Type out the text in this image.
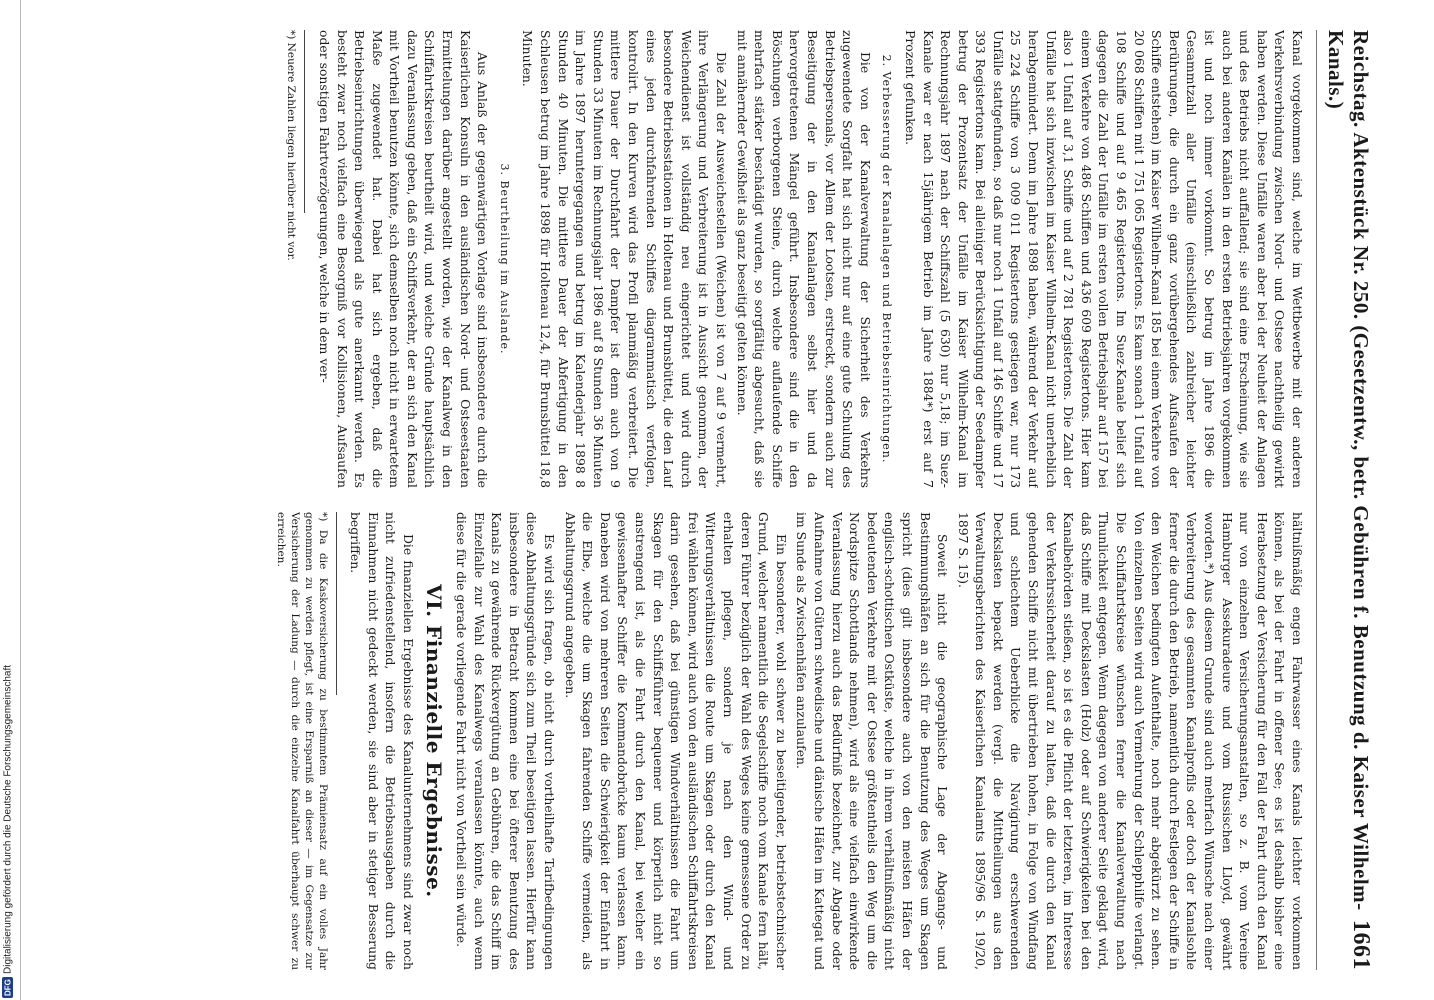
Reichstag. Aktenstück Nr. 250. (Gesetzentw., betr. Gebühren f. Benutzung d. Kaiser Wilhelm-Kanals.)
1661

Kanal vorgekommen sind, welche im Wettbewerbe mit der anderen Verkehrsverbindung zwischen Nord- und Ostsee nachtheilig gewirkt haben werden. Diese Unfälle waren aber bei der Neuheit der Anlagen und des Betriebs nicht auffallend; sie sind eine Erscheinung, wie sie auch bei anderen Kanälen in den ersten Betriebsjahren vorgekommen ist und noch immer vorkommt. So betrug im Jahre 1896 die Gesammtzahl aller Unfälle (einschließlich zahlreicher leichter Berührungen, die durch ein ganz vorübergehendes Aufsaufen der Schiffe entstehen) im Kaiser Wilhelm-Kanal 185 bei einem Verkehre von 20 068 Schiffen mit 1 751 065 Registertons. Es kam sonach 1 Unfall auf 108 Schiffe und auf 9 465 Registertons. Im Suez-Kanale belief sich dagegen die Zahl der Unfälle im ersten vollen Betriebsjahr auf 157 bei einem Verkehre von 486 Schiffen und 436 609 Registertons. Hier kam also 1 Unfall auf 3,1 Schiffe und auf 2 781 Registertons. Die Zahl der Unfälle hat sich inzwischen im Kaiser Wilhelm-Kanal nicht unerheblich herabgemindert. Denn im Jahre 1898 haben, während der Verkehr auf 25 224 Schiffe von 3 009 011 Registertons gestiegen war, nur 173 Unfälle stattgefunden, so daß nur noch 1 Unfall auf 146 Schiffe und 17 393 Registertons kam. Bei alleiniger Berücksichtigung der Seedampfer betrug der Prozentsatz der Unfälle im Kaiser Wilhelm-Kanal im Rechnungsjahr 1897 nach der Schiffszahl (5 630) nur 5,18; im Suez-Kanale war er nach 15jährigem Betrieb im Jahre 1884*) erst auf 7 Prozent gefunken.

2. Verbesserung der Kanalanlagen und Betriebseinrichtungen.

Die von der Kanalverwaltung der Sicherheit des Verkehrs zugewendete Sorgfalt hat sich nicht nur auf eine gute Schulung des Betriebspersonals, vor Allem der Lootsen, erstreckt, sondern auch zur Beseitigung der in den Kanalanlagen selbst hier und da hervorgetretenen Mängel geführt. Insbesondere sind die in den Böschungen verborgenen Steine, durch welche auflaufende Schiffe mehrfach stärker beschädigt wurden, so sorgfältig abgesucht, daß sie mit annähernder Gewißheit als ganz beseitigt gelten können.

Die Zahl der Ausweichestellen (Weichen) ist von 7 auf 9 vermehrt, ihre Verlängerung und Verbreiterung ist in Aussicht genommen, der Weichendienst ist vollständig neu eingerichtet und wird durch besondere Betriebsstationen in Holtenau und Brunsbüttel, die den Lauf eines jeden durchfahrenden Schiffes diagrammatisch verfolgen, kontrolirt. In den Kurven wird das Profil planmäßig verbreitert. Die mittlere Dauer der Durchfahrt der Dampfer ist denn auch von 9 Stunden 33 Minuten im Rechnungsjahr 1896 auf 8 Stunden 36 Minuten im Jahre 1897 heruntergegangen und betrug im Kalenderjahr 1898 8 Stunden 40 Minuten. Die mittlere Dauer der Abfertigung in den Schleusen betrug im Jahre 1898 für Holtenau 12,4, für Brunsbüttel 18,8 Minuten.

3. Beurtheilung im Auslande.

Aus Anlaß der gegenwärtigen Vorlage sind insbesondere durch die Kaiserlichen Konsuln in den ausländischen Nord- und Ostseestaaten Ermittelungen darüber angestellt worden, wie der Kanalweg in den Schiffahrtskreisen beurtheilt wird, und welche Gründe hauptsächlich dazu Veranlassung geben, daß ein Schiffsverkehr, der an sich den Kanal mit Vortheil benutzen könnte, sich demselben noch nicht in erwartetem Maße zugewendet hat. Dabei hat sich ergeben, daß die Betriebseinrichtungen überwiegend als gute anerkannt werden. Es besteht zwar noch vielfach eine Besorgniß vor Kollisionen, Aufsaufen oder sonstigen Fahrtverzögerungen, welche in dem ver-

*) Neuere Zahlen liegen hierüber nicht vor.

hältnißmäßig engen Fahrwasser eines Kanals leichter vorkommen können, als bei der Fahrt in offener See; es ist deshalb bisher eine Herabsetzung der Versicherung für den Fall der Fahrt durch den Kanal nur von einzelnen Versicherungsanstalten, so z. B. vom Vereine Hamburger Assekuradeure und vom Russischen Lloyd, gewährt worden.*) Aus diesem Grunde sind auch mehrfach Wünsche nach einer Verbreiterung des gesammten Kanalprofils oder doch der Kanalsohle ferner die durch den Betrieb, namentlich durch Festlegen der Schiffe in den Weichen bedingten Aufenthalte, noch mehr abgekürzt zu sehen. Von einzelnen Seiten wird auch Vermehrung der Schlepphilfe verlangt. Die Schiffahrtskreise wünschen ferner die Kanalverwaltung nach Thunlichkeit entgegen. Wenn dagegen von anderer Seite geklagt wird, daß Schiffe mit Deckslasten (Holz) oder auf Schwierigkeiten bei den Kanalbehörden stießen, so ist es die Pflicht der letzteren, im Interesse der Verkehrssicherheit darauf zu halten, daß die durch den Kanal gehenden Schiffe nicht mit übertrieben hohen, in Folge von Windfang und schlechtem Ueberblicke die Navigirung erschwerenden Deckslasten bepackt werden (vergl. die Mittheilungen aus den Verwaltungsberichten des Kaiserlichen Kanalamts 1895/96 S. 19/20, 1897 S. 15).

Soweit nicht die geographische Lage der Abgangs- und Bestimmungshäfen an sich für die Benutzung des Weges um Skagen spricht (dies gilt insbesondere auch von den meisten Häfen der englisch-schottischen Ostküste, welche in ihrem verhältnißmäßig nicht bedeutenden Verkehre mit der Ostsee größtentheils den Weg um die Nordspitze Schottlands nehmen), wird als eine vielfach einwirkende Veranlassung hierzu auch das Bedürfniß bezeichnet, zur Abgabe oder Aufnahme von Gütern schwedische und dänische Häfen im Kattegat und im Sunde als Zwischenhäfen anzulaufen.

Ein besonderer, wohl schwer zu beseitigender, betriebstechnischer Grund, welcher namentlich die Segelschiffe noch vom Kanale fern hält, deren Führer bezüglich der Wahl des Weges keine gemessene Order zu erhalten pflegen, sondern je nach den Wind- und Witterungsverhältnissen die Route um Skagen oder durch den Kanal frei wählen können, wird auch von den ausländischen Schiffahrtskreisen darin gesehen, daß bei günstigen Windverhältnissen die Fahrt um Skagen für den Schiffsführer bequemer und körperlich nicht so anstrengend ist, als die Fahrt durch den Kanal, bei welcher ein gewissenhafter Schiffer die Kommandobrücke kaum verlassen kann. Daneben wird von mehreren Seiten die Schwierigkeit der Einfahrt in die Elbe, welche die um Skagen fahrenden Schiffe vermeiden, als Abhaltungsgrund angegeben.

Es wird sich fragen, ob nicht durch vortheilhafte Tarifbedingungen diese Abhaltungsgründe sich zum Theil beseitigen lassen. Hierfür kann insbesondere in Betracht kommen eine bei öfterer Benutzung des Kanals zu gewährende Rückvergütung an Gebühren, die das Schiff im Einzelfalle zur Wahl des Kanalwegs veranlassen könnte, auch wenn diese für die gerade vorliegende Fahrt nicht von Vortheil sein würde.

VI. Finanzielle Ergebnisse.

Die finanziellen Ergebnisse des Kanalunternehmens sind zwar noch nicht zufriedenstellend, insofern die Betriebsausgaben durch die Einnahmen nicht gedeckt werden, sie sind aber in stetiger Besserung begriffen.

*) Da die Kaskoversicherung zu bestimmtem Prämiensatz auf ein volles Jahr genommen zu werden pflegt, ist eine Ersparniß an dieser — im Gegensatze zur Versicherung der Ladung — durch die einzelne Kanalfahrt überhaupt schwer zu erreichen.
DFG
Digitalisierung gefördert durch die Deutsche Forschungsgemeinschaft
